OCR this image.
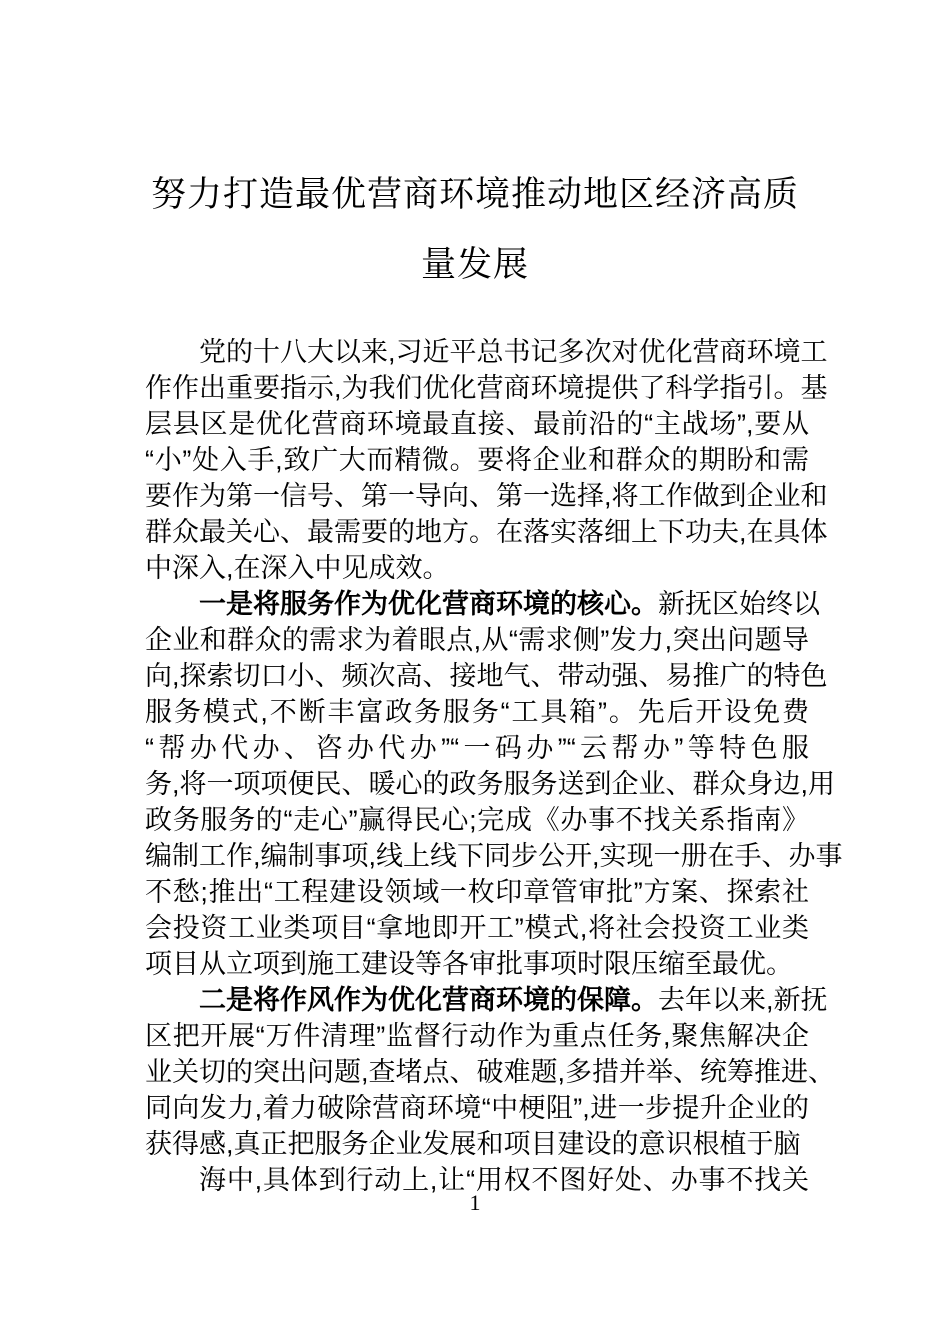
努力打造最优营商环境推动地区经济高质
量发展
党的十八大以来,习近平总书记多次对优化营商环境工
作作出重要指示,为我们优化营商环境提供了科学指引。基
层县区是优化营商环境最直接、最前沿的“主战场”,要从
“小”处入手,致广大而精微。要将企业和群众的期盼和需
要作为第一信号、第一导向、第一选择,将工作做到企业和
群众最关心、最需要的地方。在落实落细上下功夫,在具体
中深入,在深入中见成效。
一是将服务作为优化营商环境的核心。新抚区始终以
企业和群众的需求为着眼点,从“需求侧”发力,突出问题导
向,探索切口小、频次高、接地气、带动强、易推广的特色
服务模式,不断丰富政务服务“工具箱”。先后开设免费
“帮办代办、咨办代办”“一码办”“云帮办”等特色服
务,将一项项便民、暖心的政务服务送到企业、群众身边,用
政务服务的“走心”赢得民心;完成《办事不找关系指南》
编制工作,编制事项,线上线下同步公开,实现一册在手、办事
不愁;推出“工程建设领域一枚印章管审批”方案、探索社
会投资工业类项目“拿地即开工”模式,将社会投资工业类
项目从立项到施工建设等各审批事项时限压缩至最优。
二是将作风作为优化营商环境的保障。去年以来,新抚
区把开展“万件清理”监督行动作为重点任务,聚焦解决企
业关切的突出问题,查堵点、破难题,多措并举、统筹推进、
同向发力,着力破除营商环境“中梗阻”,进一步提升企业的
获得感,真正把服务企业发展和项目建设的意识根植于脑
海中,具体到行动上,让“用权不图好处、办事不找关
1
